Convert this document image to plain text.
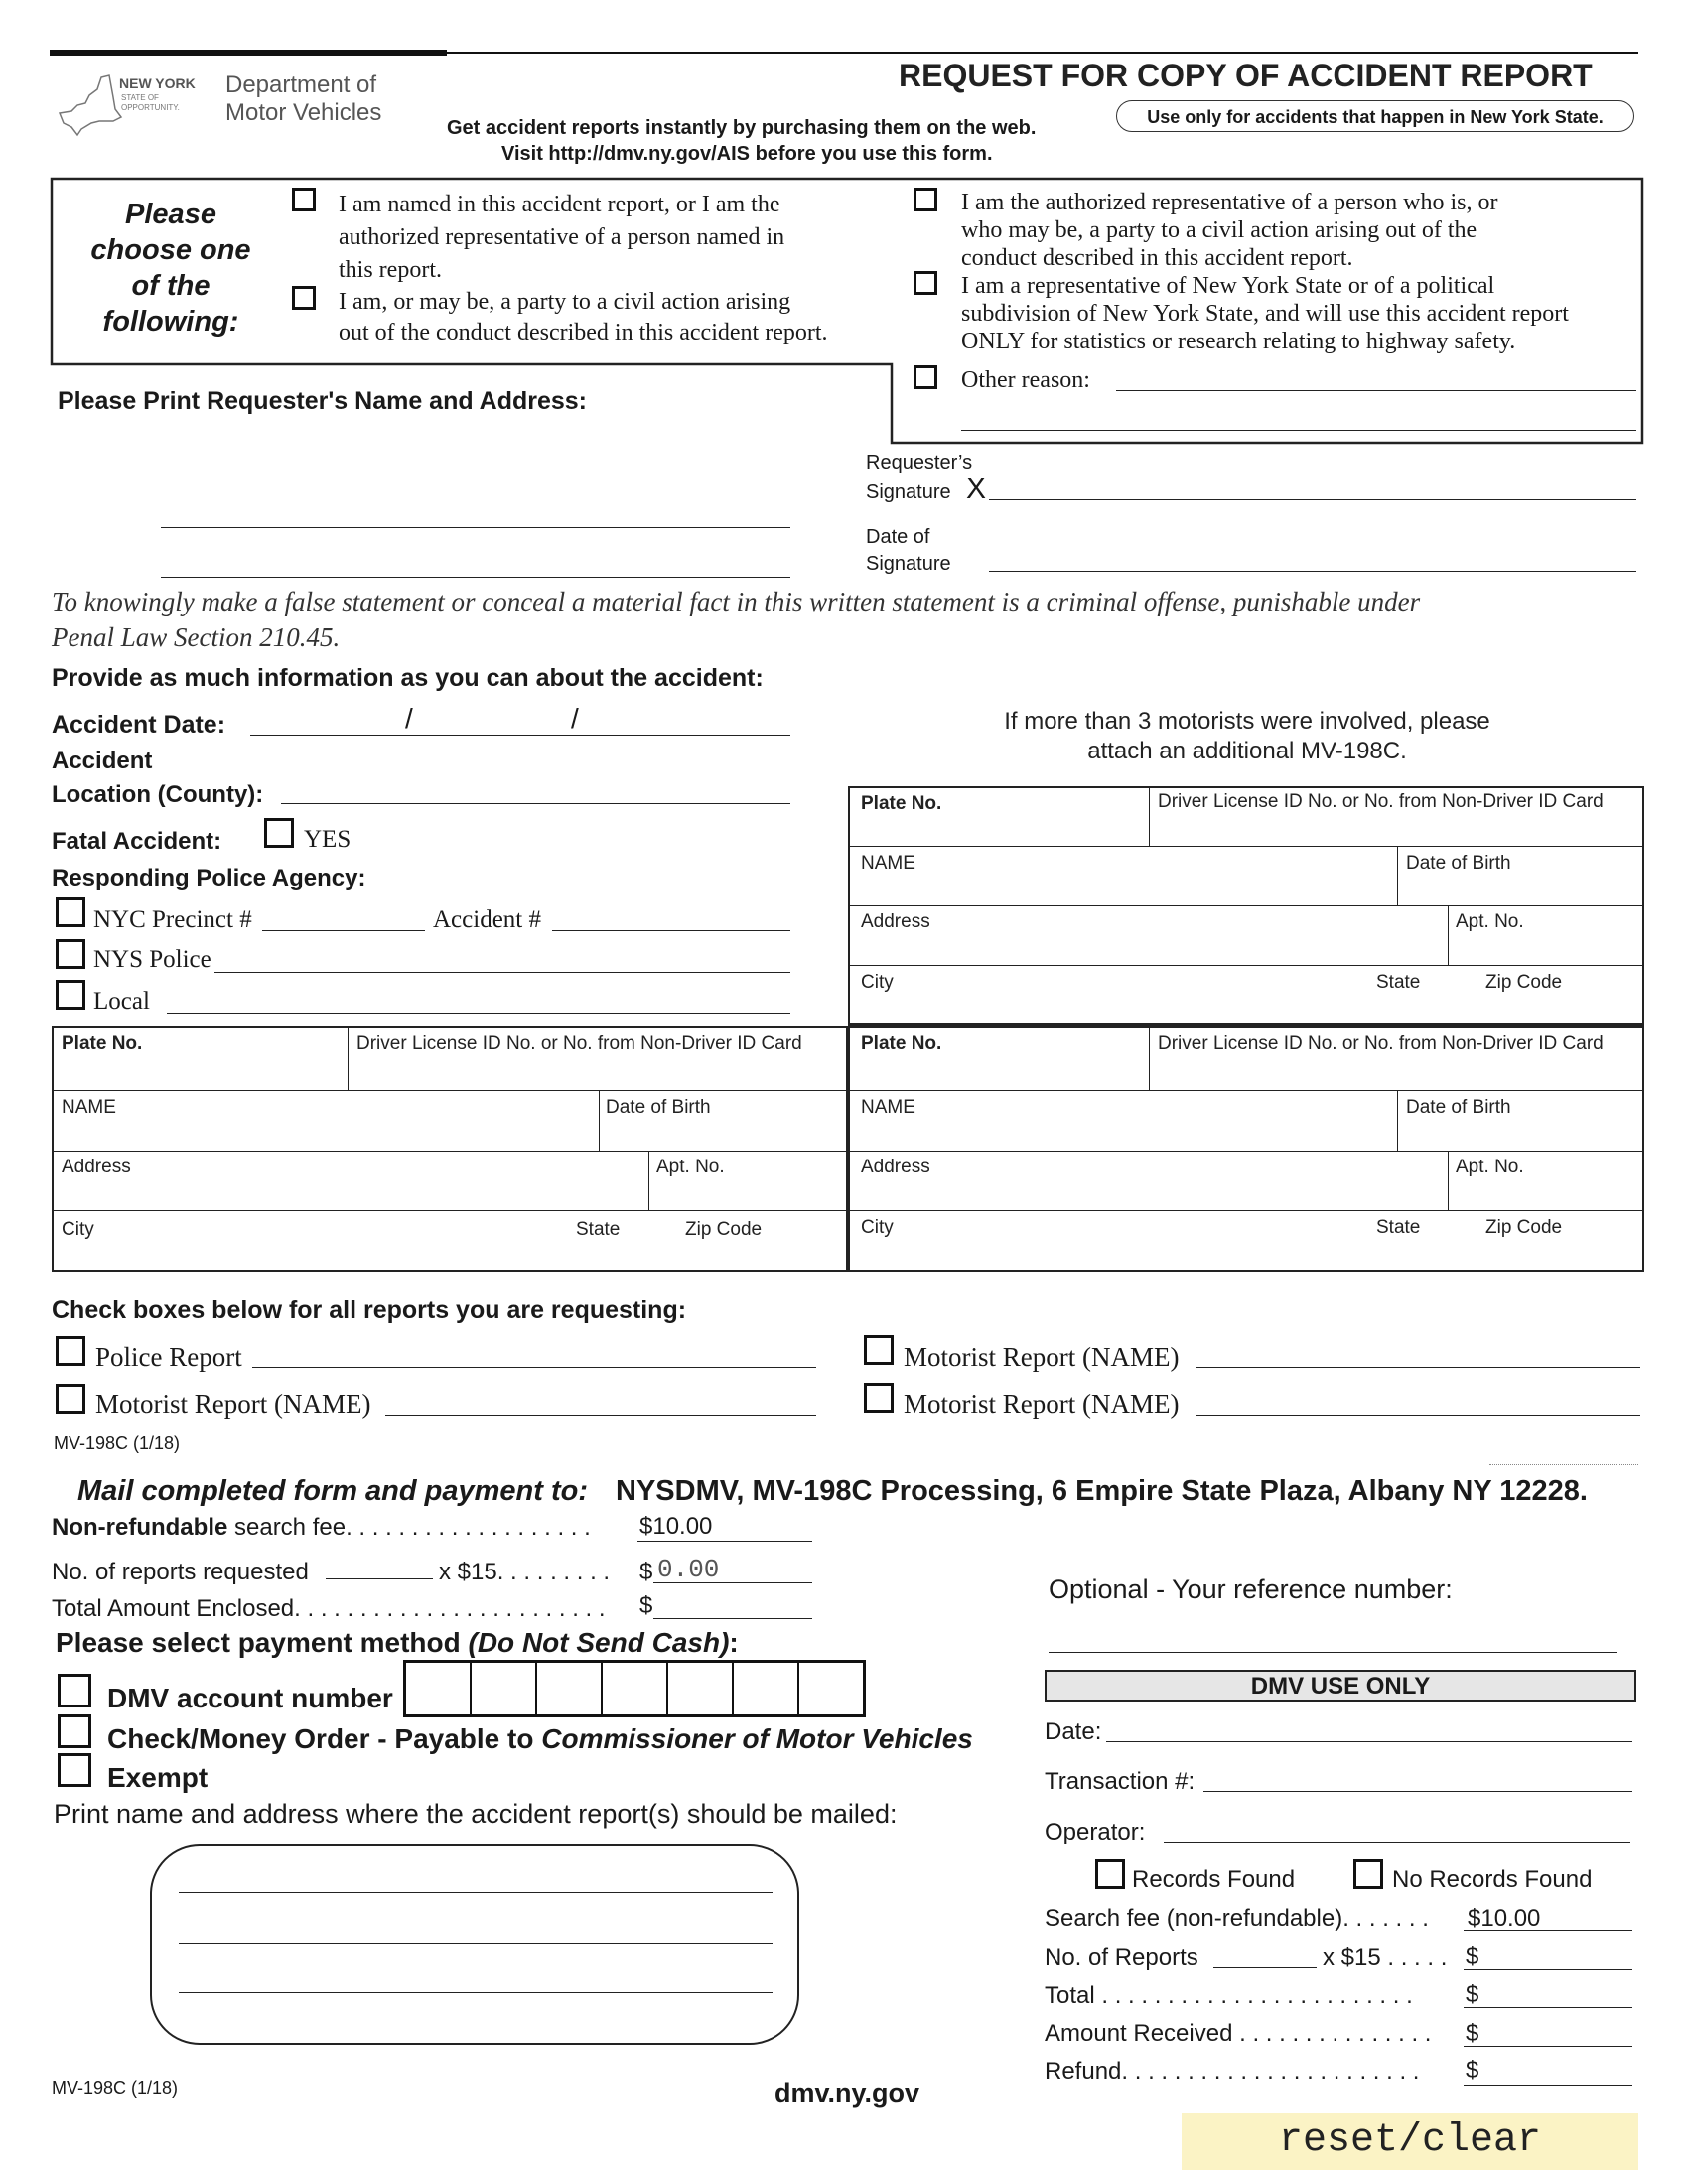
NEW YORK
STATE OF
OPPORTUNITY.
Department of
Motor Vehicles
REQUEST FOR COPY OF ACCIDENT REPORT
Get accident reports instantly by purchasing them on the web.
Visit http://dmv.ny.gov/AIS before you use this form.
Use only for accidents that happen in New York State.
Please
choose one
of the
following:
I am named in this accident report, or I am the
authorized representative of a person named in
this report.
I am, or may be, a party to a civil action arising
out of the conduct described in this accident report.
I am the authorized representative of a person who is, or
who may be, a party to a civil action arising out of the
conduct described in this accident report.
I am a representative of New York State or of a political
subdivision of New York State, and will use this accident report
ONLY for statistics or research relating to highway safety.
Other reason:
Please Print Requester's Name and Address:
Requester’s
Signature X
Date of
Signature
To knowingly make a false statement or conceal a material fact in this written statement is a criminal offense, punishable under
Penal Law Section 210.45.
Provide as much information as you can about the accident:
Accident Date:	/	/
Accident
Location (County):
Fatal Accident:	YES
Responding Police Agency:
NYC Precinct #	Accident #
NYS Police
Local
If more than 3 motorists were involved, please
attach an additional MV-198C.
Plate No.	Driver License ID No. or No. from Non-Driver ID Card
NAME	Date of Birth
Address	Apt. No.
City	State	Zip Code
Plate No.	Driver License ID No. or No. from Non-Driver ID Card
NAME	Date of Birth
Address	Apt. No.
City	State	Zip Code
Plate No.	Driver License ID No. or No. from Non-Driver ID Card
NAME	Date of Birth
Address	Apt. No.
City	State	Zip Code
Check boxes below for all reports you are requesting:
Police Report
Motorist Report (NAME)
Motorist Report (NAME)
Motorist Report (NAME)
MV-198C (1/18)
Mail completed form and payment to: NYSDMV, MV-198C Processing, 6 Empire State Plaza, Albany NY 12228.
Non-refundable search fee. . . . . . . . . . . . . . . . . . . $10.00
No. of reports requested	x $15. . . . . . . . . $ 0.00
Total Amount Enclosed. . . . . . . . . . . . . . . . . . . . . . . . $
Please select payment method (Do Not Send Cash):
DMV account number
Check/Money Order - Payable to Commissioner of Motor Vehicles
Exempt
Print name and address where the accident report(s) should be mailed:
Optional - Your reference number:
DMV USE ONLY
Date:
Transaction #:
Operator:
Records Found	No Records Found
Search fee (non-refundable). . . . . . . $10.00
No. of Reports	x $15 . . . . . $
Total . . . . . . . . . . . . . . . . . . . . . . . . $
Amount Received . . . . . . . . . . . . . . . $
Refund. . . . . . . . . . . . . . . . . . . . . . . $
MV-198C (1/18)	dmv.ny.gov
reset/clear
